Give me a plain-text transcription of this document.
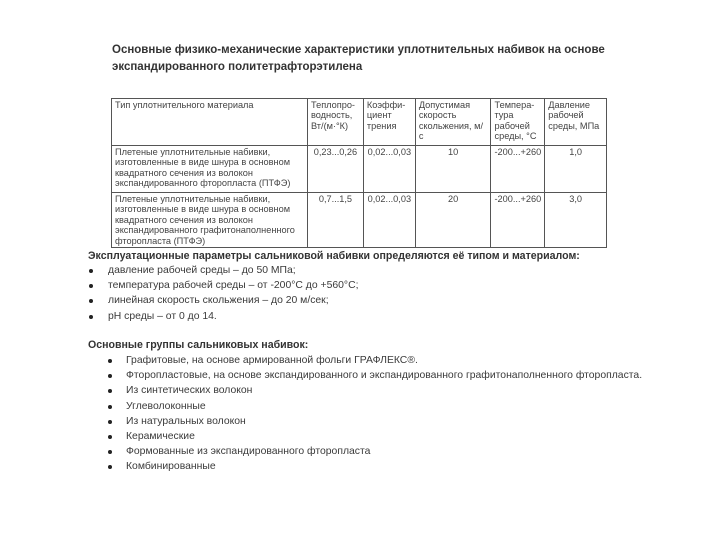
Основные физико-механические характеристики уплотнительных набивок на основе экспандированного политетрафторэтилена
Тип уплотнительного материала	Теплопро-водность, Вт/(м·°К)	Коэффи-циент трения	Допустимая скорость скольжения, м/с	Темпера-тура рабочей среды, °С	Давление рабочей среды, МПа
Плетеные уплотнительные набивки, изготовленные в виде шнура в основном квадратного сечения из волокон экспандированного фторопласта (ПТФЭ)	0,23...0,26	0,02...0,03	10	-200...+260	1,0
Плетеные уплотнительные набивки, изготовленные в виде шнура в основном квадратного сечения из волокон экспандированного графитонаполненного фторопласта (ПТФЭ)	0,7...1,5	0,02...0,03	20	-200...+260	3,0
Эксплуатационные параметры сальниковой набивки определяются её типом и материалом:
давление рабочей среды – до 50 МПа;
температура рабочей среды – от -200°С до +560°С;
линейная скорость скольжения – до 20 м/сек;
pH среды – от 0 до 14.
Основные группы сальниковых набивок:
Графитовые, на основе армированной фольги ГРАФЛЕКС®.
Фторопластовые, на основе экспандированного и экспандированного графитонаполненного фторопласта.
Из синтетических волокон
Углеволоконные
Из натуральных волокон
Керамические
Формованные из экспандированного фторопласта
Комбинированные
